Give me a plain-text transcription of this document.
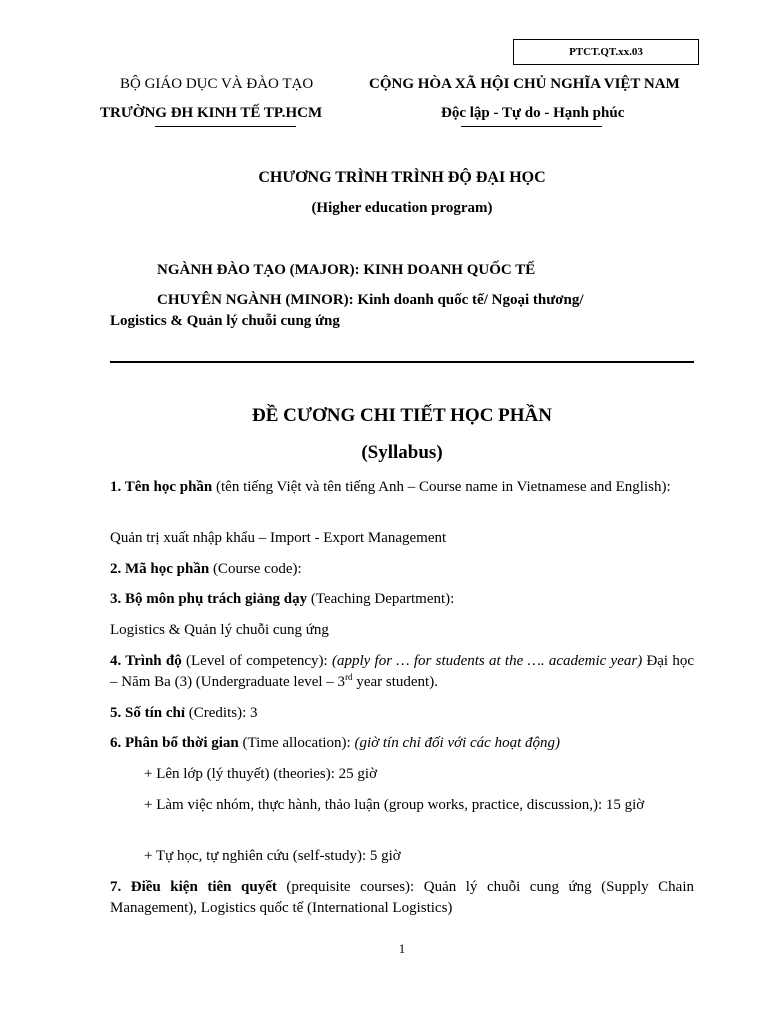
PTCT.QT.xx.03
BỘ GIÁO DỤC VÀ ĐÀO TẠO
TRƯỜNG ĐH KINH TẾ TP.HCM
CỘNG HÒA XÃ HỘI CHỦ NGHĨA VIỆT NAM
Độc lập - Tự do - Hạnh phúc
CHƯƠNG TRÌNH TRÌNH ĐỘ ĐẠI HỌC
(Higher education program)
NGÀNH ĐÀO TẠO (MAJOR): KINH DOANH QUỐC TẾ
CHUYÊN NGÀNH (MINOR): Kinh doanh quốc tế/ Ngoại thương/
Logistics & Quản lý chuỗi cung ứng
ĐỀ CƯƠNG CHI TIẾT HỌC PHẦN
(Syllabus)
1. Tên học phần (tên tiếng Việt và tên tiếng Anh – Course name in Vietnamese and English):
Quản trị xuất nhập khẩu – Import - Export Management
2. Mã học phần (Course code):
3. Bộ môn phụ trách giảng dạy (Teaching Department):
Logistics & Quản lý chuỗi cung ứng
4. Trình độ (Level of competency): (apply for … for students at the …. academic year) Đại học – Năm Ba (3) (Undergraduate level – 3rd year student).
5. Số tín chỉ (Credits): 3
6. Phân bổ thời gian (Time allocation): (giờ tín chỉ đối với các hoạt động)
+ Lên lớp (lý thuyết) (theories): 25 giờ
+ Làm việc nhóm, thực hành, thảo luận (group works, practice, discussion,): 15 giờ
+ Tự học, tự nghiên cứu (self-study): 5 giờ
7. Điều kiện tiên quyết (prequisite courses): Quản lý chuỗi cung ứng (Supply Chain Management), Logistics quốc tế (International Logistics)
1
